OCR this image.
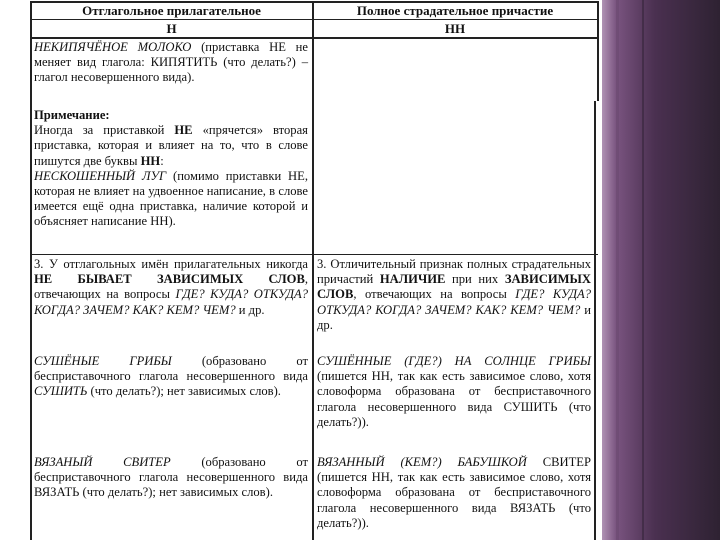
Отглагольное прилагательное	Полное страдательное причастие
Н	НН
НЕКИПЯЧЁНОЕ МОЛОКО (приставка НЕ не меняет вид глагола: КИПЯТИТЬ (что делать?) – глагол несовершенного вида).
Примечание:
Иногда за приставкой НЕ «прячется» вторая приставка, которая и влияет на то, что в слове пишутся две буквы НН:
НЕСКОШЕННЫЙ ЛУГ (помимо приставки НЕ, которая не влияет на удвоенное написание, в слове имеется ещё одна приставка, наличие которой и объясняет написание НН).
3. У отглагольных имён прилагательных никогда НЕ БЫВАЕТ ЗАВИСИМЫХ СЛОВ, отвечающих на вопросы ГДЕ? КУДА? ОТКУДА? КОГДА? ЗАЧЕМ? КАК? КЕМ? ЧЕМ? и др.
СУШЁНЫЕ ГРИБЫ (образовано от бесприставочного глагола несовершенного вида СУШИТЬ (что делать?); нет зависимых слов).
ВЯЗАНЫЙ СВИТЕР (образовано от бесприставочного глагола несовершенного вида ВЯЗАТЬ (что делать?); нет зависимых слов).
3. Отличительный признак полных страдательных причастий НАЛИЧИЕ при них ЗАВИСИМЫХ СЛОВ, отвечающих на вопросы ГДЕ? КУДА? ОТКУДА? КОГДА? ЗАЧЕМ? КАК? КЕМ? ЧЕМ? и др.
СУШЁННЫЕ (ГДЕ?) НА СОЛНЦЕ ГРИБЫ (пишется НН, так как есть зависимое слово, хотя словоформа образована от бесприставочного глагола несовершенного вида СУШИТЬ (что делать?)).
ВЯЗАННЫЙ (КЕМ?) БАБУШКОЙ СВИТЕР (пишется НН, так как есть зависимое слово, хотя словоформа образована от бесприставочного глагола несовершенного вида ВЯЗАТЬ (что делать?)).
